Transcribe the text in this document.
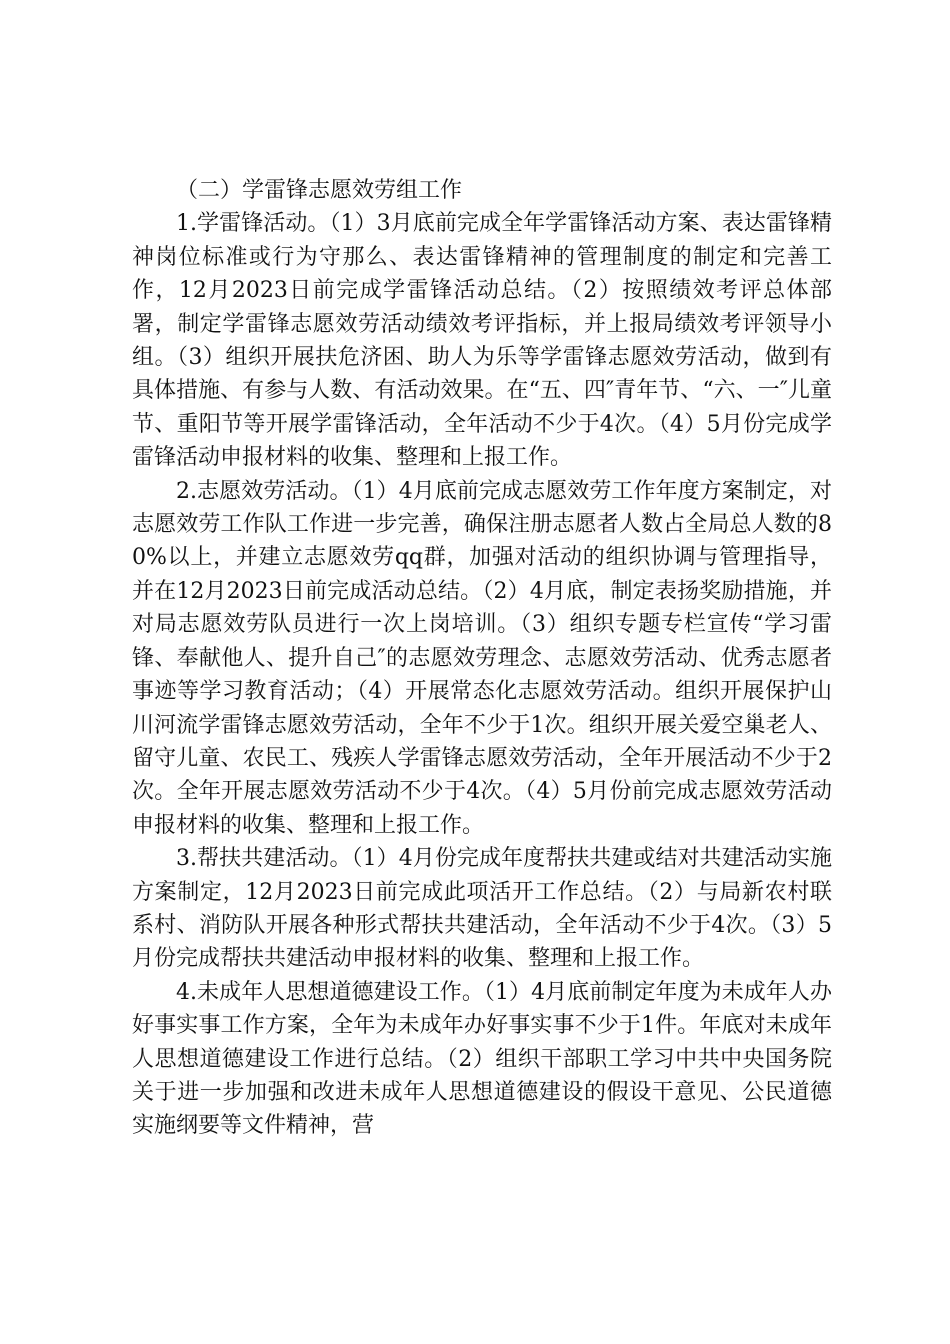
（二）学雷锋志愿效劳组工作

1.学雷锋活动。（1）3月底前完成全年学雷锋活动方案、表达雷锋精神岗位标准或行为守那么、表达雷锋精神的管理制度的制定和完善工作，12月2023日前完成学雷锋活动总结。（2）按照绩效考评总体部署，制定学雷锋志愿效劳活动绩效考评指标，并上报局绩效考评领导小组。（3）组织开展扶危济困、助人为乐等学雷锋志愿效劳活动，做到有具体措施、有参与人数、有活动效果。在“五、四″青年节、“六、一″儿童节、重阳节等开展学雷锋活动，全年活动不少于4次。（4）5月份完成学雷锋活动申报材料的收集、整理和上报工作。

2.志愿效劳活动。（1）4月底前完成志愿效劳工作年度方案制定，对志愿效劳工作队工作进一步完善，确保注册志愿者人数占全局总人数的80%以上，并建立志愿效劳qq群，加强对活动的组织协调与管理指导，并在12月2023日前完成活动总结。（2）4月底，制定表扬奖励措施，并对局志愿效劳队员进行一次上岗培训。（3）组织专题专栏宣传“学习雷锋、奉献他人、提升自己″的志愿效劳理念、志愿效劳活动、优秀志愿者事迹等学习教育活动；（4）开展常态化志愿效劳活动。组织开展保护山川河流学雷锋志愿效劳活动，全年不少于1次。组织开展关爱空巢老人、留守儿童、农民工、残疾人学雷锋志愿效劳活动，全年开展活动不少于2次。全年开展志愿效劳活动不少于4次。（4）5月份前完成志愿效劳活动申报材料的收集、整理和上报工作。

3.帮扶共建活动。（1）4月份完成年度帮扶共建或结对共建活动实施方案制定，12月2023日前完成此项活开工作总结。（2）与局新农村联系村、消防队开展各种形式帮扶共建活动，全年活动不少于4次。（3）5月份完成帮扶共建活动申报材料的收集、整理和上报工作。

4.未成年人思想道德建设工作。（1）4月底前制定年度为未成年人办好事实事工作方案，全年为未成年办好事实事不少于1件。年底对未成年人思想道德建设工作进行总结。（2）组织干部职工学习中共中央国务院关于进一步加强和改进未成年人思想道德建设的假设干意见、公民道德实施纲要等文件精神，营
